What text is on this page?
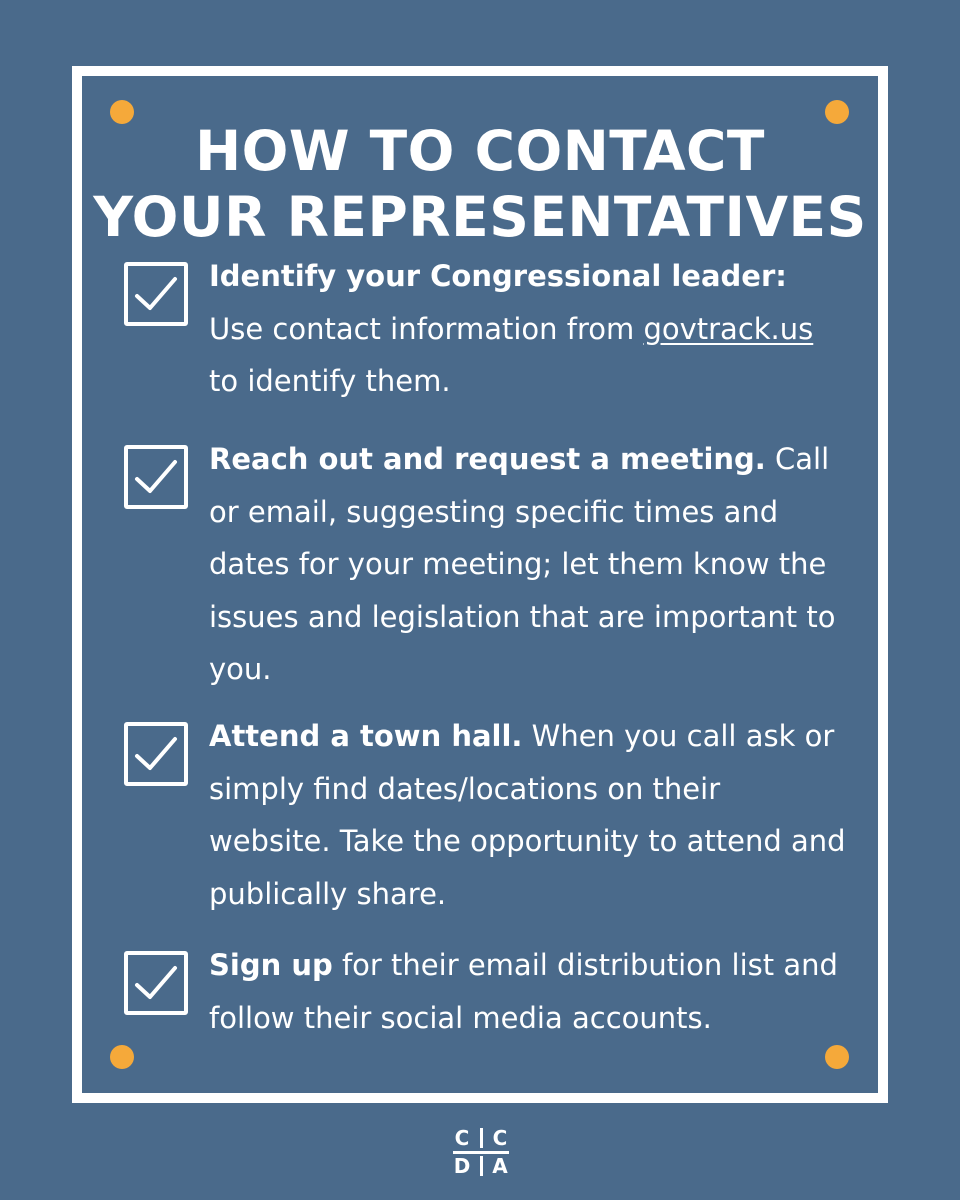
HOW TO CONTACT
YOUR REPRESENTATIVES
Identify your Congressional leader: Use contact information from govtrack.us to identify them.
Reach out and request a meeting. Call or email, suggesting specific times and dates for your meeting; let them know the issues and legislation that are important to you.
Attend a town hall. When you call ask or simply find dates/locations on their website. Take the opportunity to attend and publically share.
Sign up for their email distribution list and follow their social media accounts.
C C
D A
